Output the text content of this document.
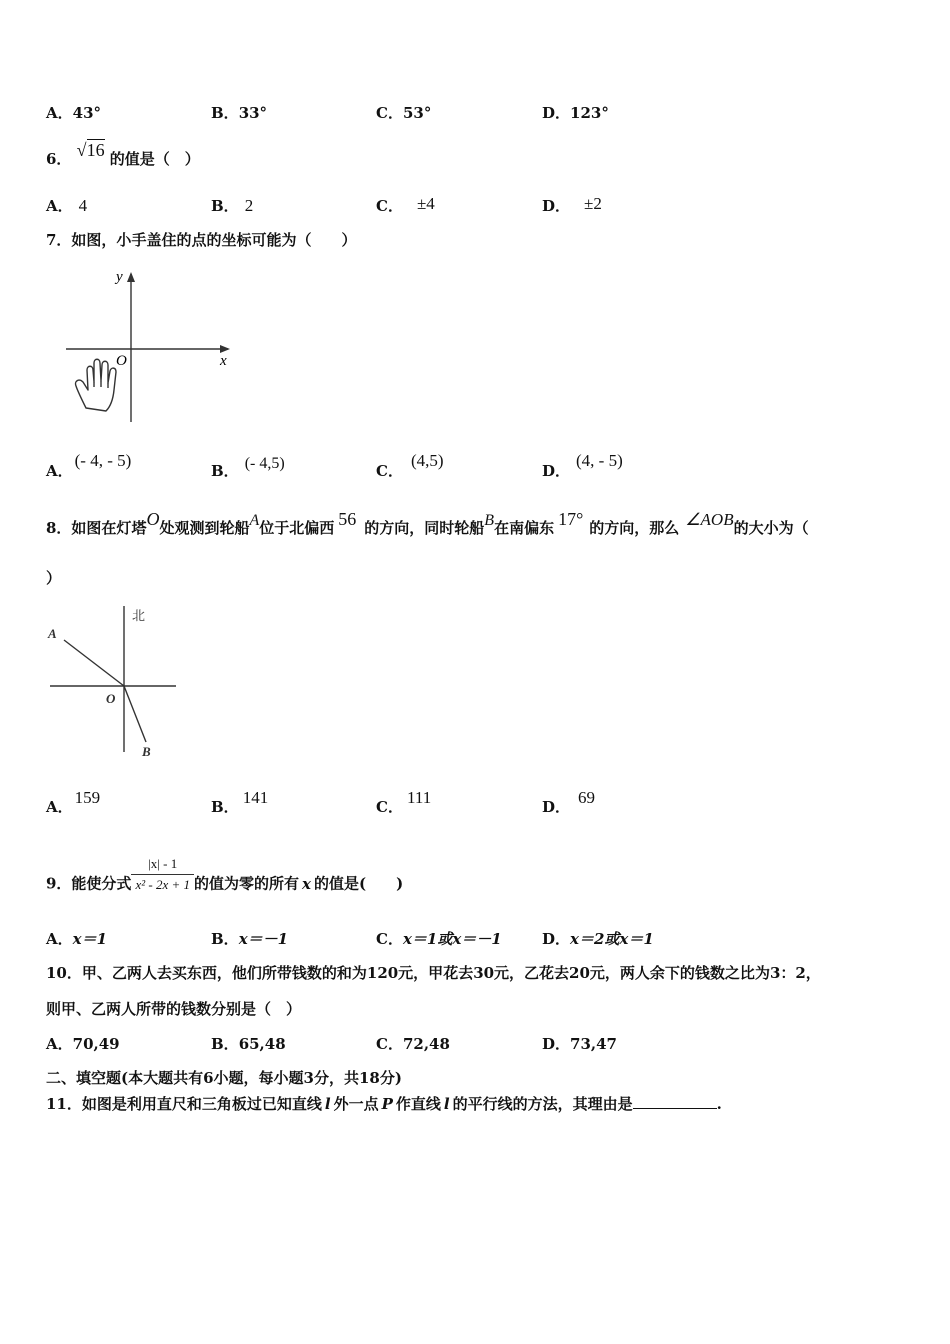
A．43°	B．33°	C．53°	D．123°
6． √16 的值是（　）
A． 4	B． 2	C． ±4	D． ±2
7．如图，小手盖住的点的坐标可能为（　　）
y
x
O
A．(- 4, - 5)
B． (- 4,5)	C．(4,5)
D．(4, - 5)
8．如图在灯塔O处观测到轮船A位于北偏西 56 的方向，同时轮船B在南偏东 17° 的方向，那么 ∠AOB的大小为（
）
北
A
O
B
A． 159	B． 141	C． 111	D． 69
9．能使分式 $\frac{|x| - 1}{\text{x² - 2x + 1}}$ 的值为零的所有 x 的值是(　　)
A．x＝1	B．x＝－1	C．x＝1或x＝－1	D．x＝2或x＝1
10．甲、乙两人去买东西，他们所带钱数的和为120元，甲花去30元，乙花去20元，两人余下的钱数之比为3：2，
则甲、乙两人所带的钱数分别是（　）
A．70,49	B．65,48	C．72,48	D．73,47
二、填空题(本大题共有6小题，每小题3分，共18分)
11．如图是利用直尺和三角板过已知直线 l 外一点 P 作直线 l 的平行线的方法，其理由是	.
